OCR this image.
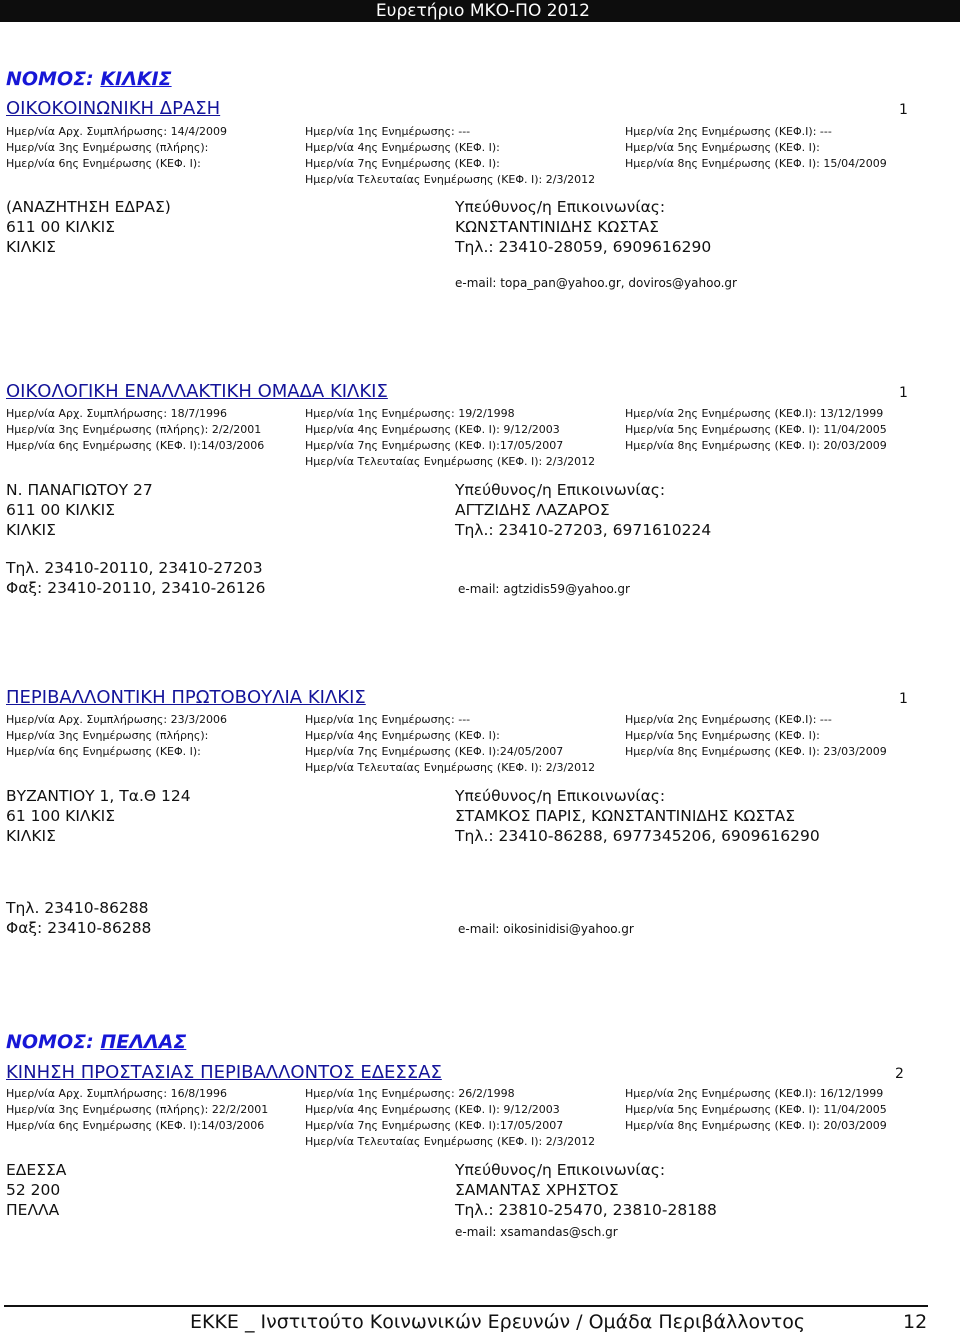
Ευρετήριο ΜΚΟ-ΠΟ 2012
ΝΟΜΟΣ: ΚΙΛΚΙΣ
ΟΙΚΟΚΟΙΝΩΝΙΚΗ ΔΡΑΣΗ	1
Ημερ/νία Αρχ. Συμπλήρωσης: 14/4/2009	Ημερ/νία 1ης Ενημέρωσης: ---	Ημερ/νία 2ης Ενημέρωσης (ΚΕΦ.Ι): ---
Ημερ/νία 3ης Ενημέρωσης (πλήρης):	Ημερ/νία 4ης Ενημέρωσης (ΚΕΦ. Ι):	Ημερ/νία 5ης Ενημέρωσης (ΚΕΦ. Ι):
Ημερ/νία 6ης Ενημέρωσης (ΚΕΦ. Ι):	Ημερ/νία 7ης Ενημέρωσης (ΚΕΦ. Ι):	Ημερ/νία 8ης Ενημέρωσης (ΚΕΦ. Ι): 15/04/2009
Ημερ/νία Τελευταίας Ενημέρωσης (ΚΕΦ. Ι): 2/3/2012
(ΑΝΑΖΗΤΗΣΗ ΕΔΡΑΣ)
611 00 ΚΙΛΚΙΣ
ΚΙΛΚΙΣ
Υπεύθυνος/η Επικοινωνίας:
ΚΩΝΣΤΑΝΤΙΝΙΔΗΣ ΚΩΣΤΑΣ
Τηλ.: 23410-28059, 6909616290
e-mail: topa_pan@yahoo.gr, doviros@yahoo.gr
ΟΙΚΟΛΟΓΙΚΗ ΕΝΑΛΛΑΚΤΙΚΗ ΟΜΑΔΑ ΚΙΛΚΙΣ	1
Ημερ/νία Αρχ. Συμπλήρωσης: 18/7/1996	Ημερ/νία 1ης Ενημέρωσης: 19/2/1998	Ημερ/νία 2ης Ενημέρωσης (ΚΕΦ.Ι): 13/12/1999
Ημερ/νία 3ης Ενημέρωσης (πλήρης): 2/2/2001	Ημερ/νία 4ης Ενημέρωσης (ΚΕΦ. Ι): 9/12/2003	Ημερ/νία 5ης Ενημέρωσης (ΚΕΦ. Ι): 11/04/2005
Ημερ/νία 6ης Ενημέρωσης (ΚΕΦ. Ι):14/03/2006	Ημερ/νία 7ης Ενημέρωσης (ΚΕΦ. Ι):17/05/2007	Ημερ/νία 8ης Ενημέρωσης (ΚΕΦ. Ι): 20/03/2009
Ημερ/νία Τελευταίας Ενημέρωσης (ΚΕΦ. Ι): 2/3/2012
Ν. ΠΑΝΑΓΙΩΤΟΥ 27
611 00 ΚΙΛΚΙΣ
ΚΙΛΚΙΣ
Υπεύθυνος/η Επικοινωνίας:
ΑΓΤΖΙΔΗΣ ΛΑΖΑΡΟΣ
Τηλ.: 23410-27203, 6971610224
Τηλ. 23410-20110, 23410-27203
Φαξ: 23410-20110, 23410-26126	e-mail: agtzidis59@yahoo.gr
ΠΕΡΙΒΑΛΛΟΝΤΙΚΗ ΠΡΩΤΟΒΟΥΛΙΑ ΚΙΛΚΙΣ	1
Ημερ/νία Αρχ. Συμπλήρωσης: 23/3/2006	Ημερ/νία 1ης Ενημέρωσης: ---	Ημερ/νία 2ης Ενημέρωσης (ΚΕΦ.Ι): ---
Ημερ/νία 3ης Ενημέρωσης (πλήρης):	Ημερ/νία 4ης Ενημέρωσης (ΚΕΦ. Ι):	Ημερ/νία 5ης Ενημέρωσης (ΚΕΦ. Ι):
Ημερ/νία 6ης Ενημέρωσης (ΚΕΦ. Ι):	Ημερ/νία 7ης Ενημέρωσης (ΚΕΦ. Ι):24/05/2007	Ημερ/νία 8ης Ενημέρωσης (ΚΕΦ. Ι): 23/03/2009
Ημερ/νία Τελευταίας Ενημέρωσης (ΚΕΦ. Ι): 2/3/2012
ΒΥΖΑΝΤΙΟΥ 1, Τα.Θ 124
61 100 ΚΙΛΚΙΣ
ΚΙΛΚΙΣ
Υπεύθυνος/η Επικοινωνίας:
ΣΤΑΜΚΟΣ ΠΑΡΙΣ, ΚΩΝΣΤΑΝΤΙΝΙΔΗΣ ΚΩΣΤΑΣ
Τηλ.: 23410-86288, 6977345206, 6909616290
Τηλ. 23410-86288
Φαξ: 23410-86288	e-mail: oikosinidisi@yahoo.gr
ΝΟΜΟΣ: ΠΕΛΛΑΣ
ΚΙΝΗΣΗ ΠΡΟΣΤΑΣΙΑΣ ΠΕΡΙΒΑΛΛΟΝΤΟΣ ΕΔΕΣΣΑΣ	2
Ημερ/νία Αρχ. Συμπλήρωσης: 16/8/1996	Ημερ/νία 1ης Ενημέρωσης: 26/2/1998	Ημερ/νία 2ης Ενημέρωσης (ΚΕΦ.Ι): 16/12/1999
Ημερ/νία 3ης Ενημέρωσης (πλήρης): 22/2/2001	Ημερ/νία 4ης Ενημέρωσης (ΚΕΦ. Ι): 9/12/2003	Ημερ/νία 5ης Ενημέρωσης (ΚΕΦ. Ι): 11/04/2005
Ημερ/νία 6ης Ενημέρωσης (ΚΕΦ. Ι):14/03/2006	Ημερ/νία 7ης Ενημέρωσης (ΚΕΦ. Ι):17/05/2007	Ημερ/νία 8ης Ενημέρωσης (ΚΕΦ. Ι): 20/03/2009
Ημερ/νία Τελευταίας Ενημέρωσης (ΚΕΦ. Ι): 2/3/2012
ΕΔΕΣΣΑ
52 200
ΠΕΛΛΑ
Υπεύθυνος/η Επικοινωνίας:
ΣΑΜΑΝΤΑΣ ΧΡΗΣΤΟΣ
Τηλ.: 23810-25470, 23810-28188
e-mail: xsamandas@sch.gr
ΕΚΚΕ _ Ινστιτούτο Κοινωνικών Ερευνών / Ομάδα Περιβάλλοντος	12
